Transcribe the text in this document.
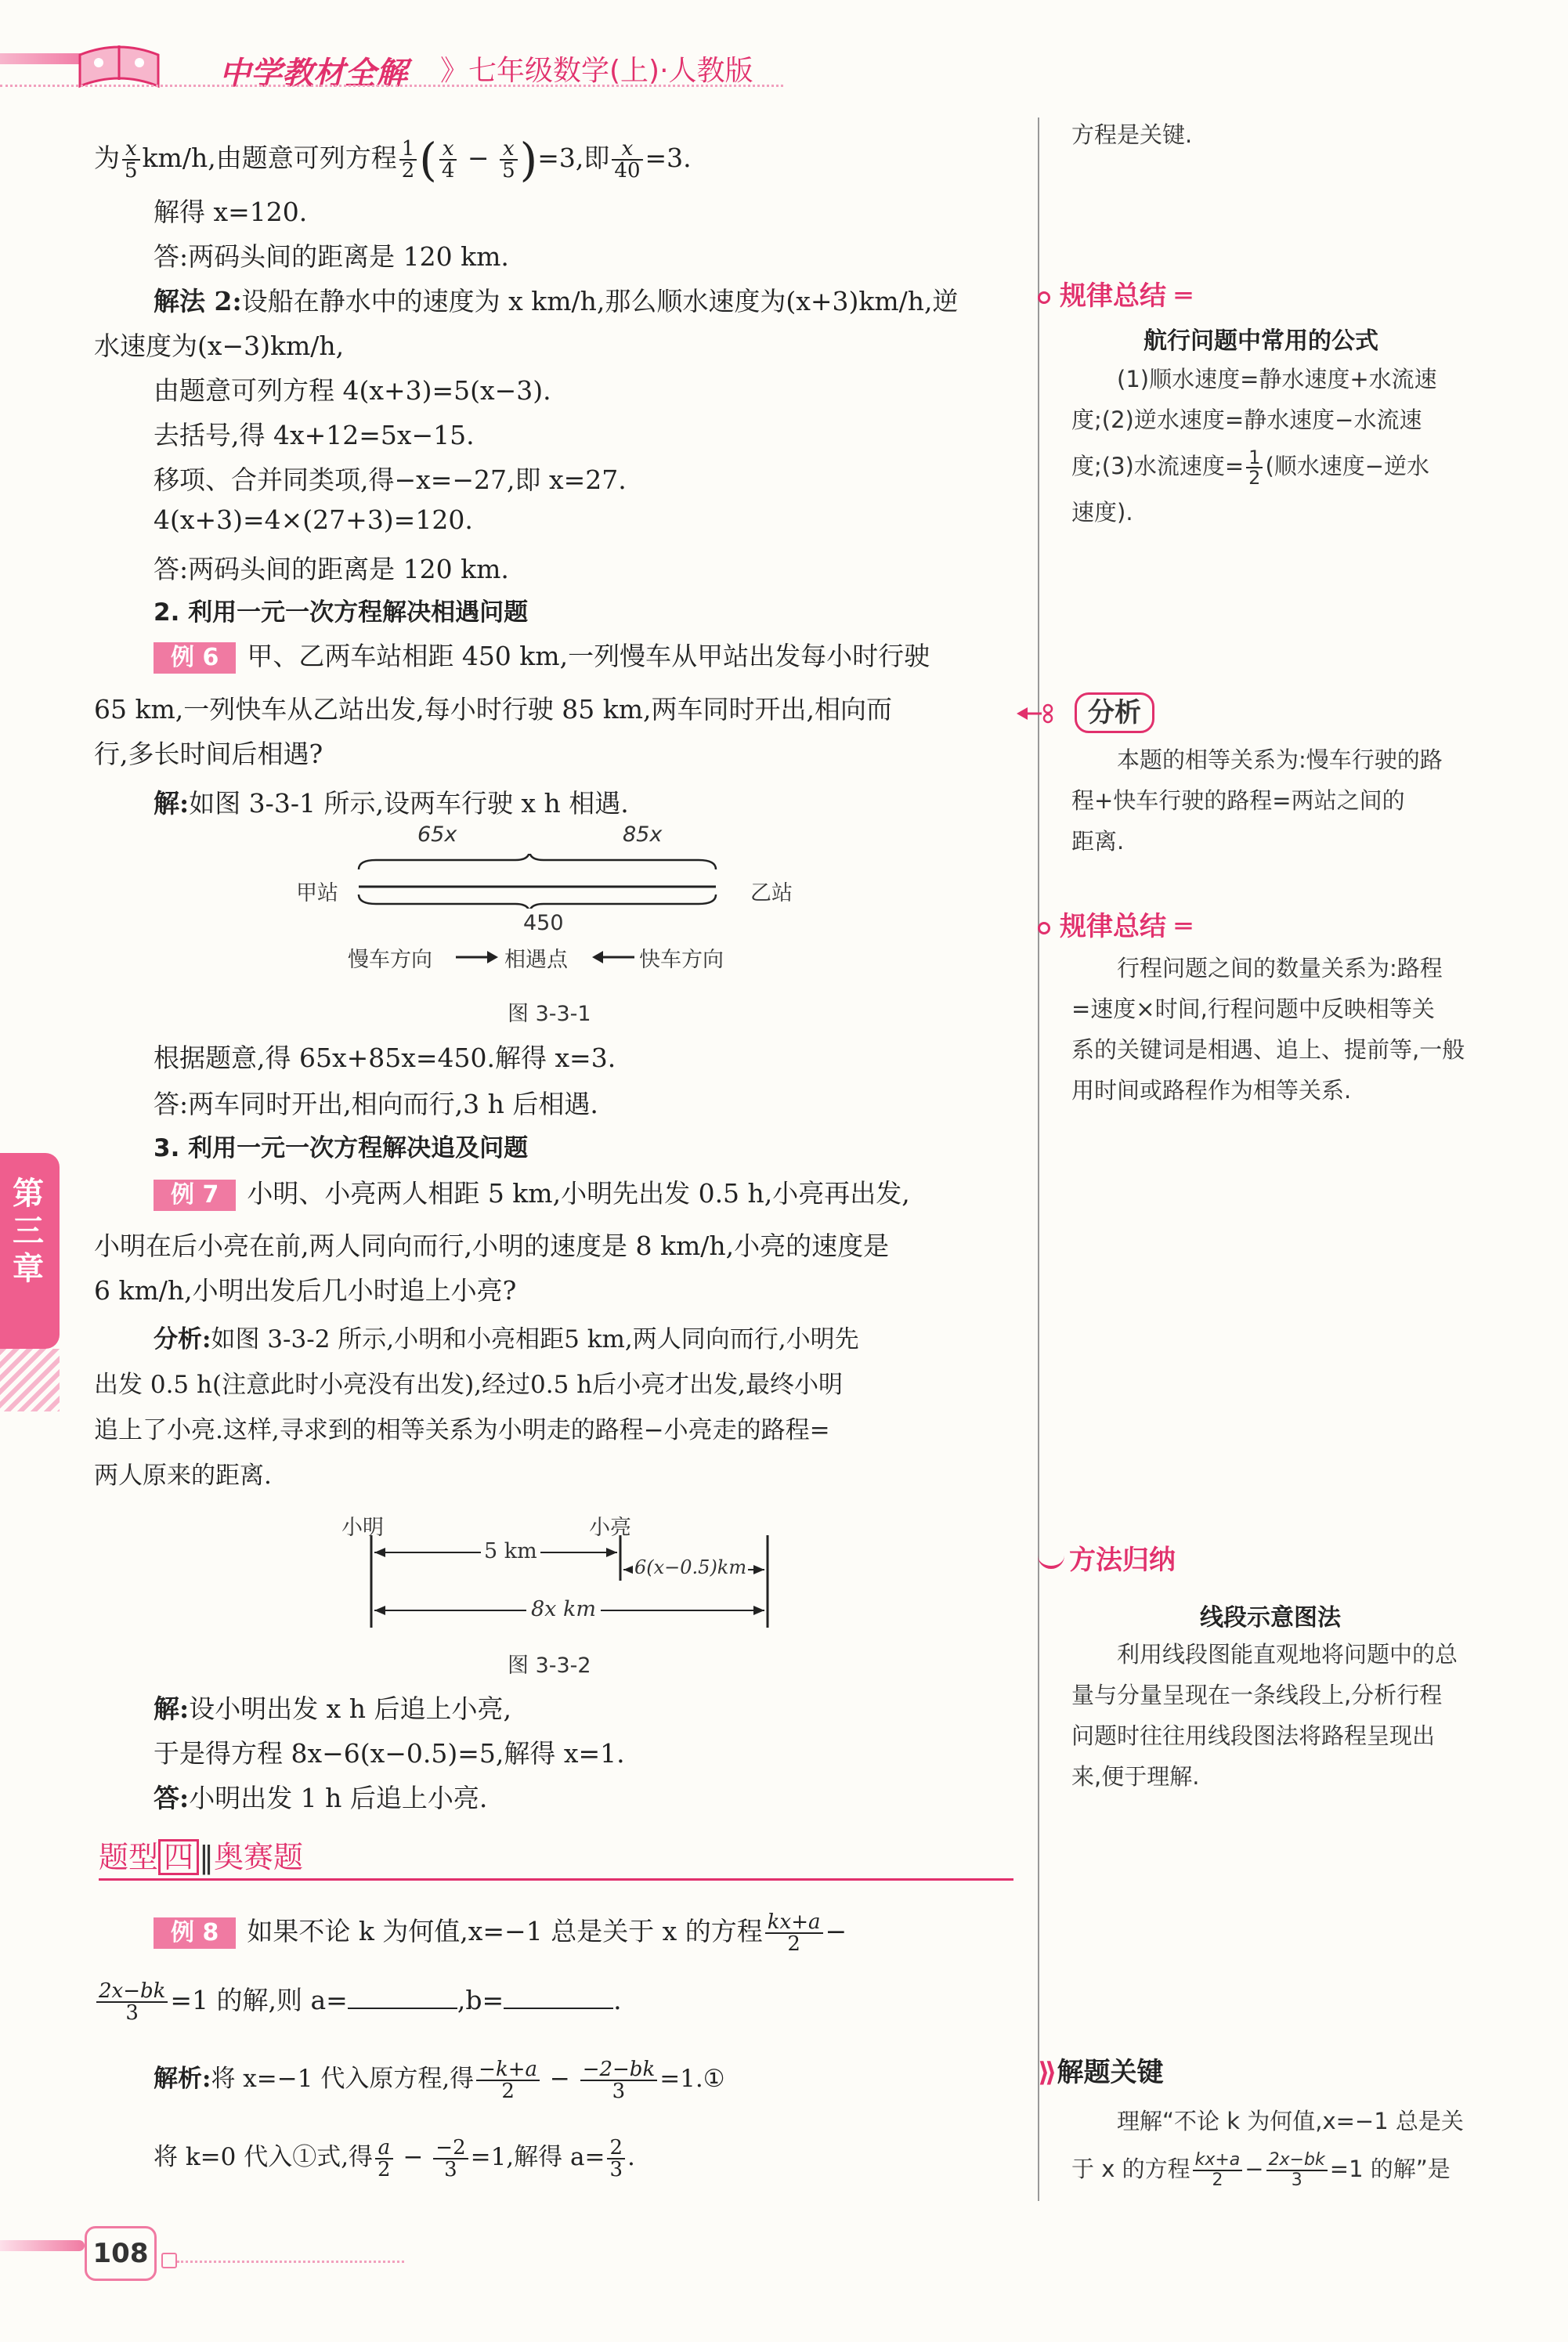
中学教材全解 》七年级数学(上)·人教版
为 $\frac{x}{5} km/h$,由题意可列方程 $\frac{1}{2}$ ( $\frac{x}{4} - \frac{x}{5} )=3$,即 $\frac{x}{40} =3$.
解得 x=120.
答:两码头间的距离是 120 km.
解法 2:设船在静水中的速度为 x km/h,那么顺水速度为(x+3)km/h,逆
水速度为(x−3)km/h,
由题意可列方程 4(x+3)=5(x−3).
去括号,得 4x+12=5x−15.
移项、合并同类项,得−x=−27,即 x=27.
4(x+3)=4×(27+3)=120.
答:两码头间的距离是 120 km.
2. 利用一元一次方程解决相遇问题
例 6 甲、乙两车站相距 450 km,一列慢车从甲站出发每小时行驶
65 km,一列快车从乙站出发,每小时行驶 85 km,两车同时开出,相向而
行,多长时间后相遇?
解:如图 3-3-1 所示,设两车行驶 x h 相遇.
65x	85x
甲站	乙站
450
慢车方向	相遇点	快车方向
图 3-3-1
根据题意,得 65x+85x=450.解得 x=3.
答:两车同时开出,相向而行,3 h 后相遇.
3. 利用一元一次方程解决追及问题
例 7 小明、小亮两人相距 5 km,小明先出发 0.5 h,小亮再出发,
小明在后小亮在前,两人同向而行,小明的速度是 8 km/h,小亮的速度是
6 km/h,小明出发后几小时追上小亮?
分析:如图 3-3-2 所示,小明和小亮相距5 km,两人同向而行,小明先
出发 0.5 h(注意此时小亮没有出发),经过0.5 h后小亮才出发,最终小明
追上了小亮.这样,寻求到的相等关系为小明走的路程−小亮走的路程=
两人原来的距离.
小明	小亮
5 km
6(x−0.5)km
8x km
图 3-3-2
解:设小明出发 x h 后追上小亮,
于是得方程 8x−6(x−0.5)=5,解得 x=1.
答:小明出发 1 h 后追上小亮.
题型 四 ‖奥赛题
例 8 如果不论 k 为何值,x=−1 总是关于 x 的方程 $\frac{kx+a}{2}$ −
$\frac{2x-bk}{3} =1$ 的解,则 a=	,b=	.
解析:将 x=−1 代入原方程,得 $\frac{-k+a}{2} - \frac{-2-bk}{3}$ =1.①
将 k=0 代入①式,得 $\frac{a}{2} - \frac{-2}{3} =1$,解得 $a= \frac{2}{3}$ .
方程是关键.
规律总结 ═
航行问题中常用的公式
(1)顺水速度=静水速度+水流速
度;(2)逆水速度=静水速度−水流速
度;(3)水流速度= $\frac{1}{2}$ (顺水速度−逆水
速度).
分析
本题的相等关系为:慢车行驶的路
程+快车行驶的路程=两站之间的
距离.
规律总结 ═
行程问题之间的数量关系为:路程
=速度×时间,行程问题中反映相等关
系的关键词是相遇、追上、提前等,一般
用时间或路程作为相等关系.
方法归纳
线段示意图法
利用线段图能直观地将问题中的总
量与分量呈现在一条线段上,分析行程
问题时往往用线段图法将路程呈现出
来,便于理解.
⟫解题关键
理解“不论 k 为何值,x=−1 总是关
于 x 的方程 $\frac{kx+a}{2} - \frac{2x-bk}{3} =1$ 的解”是
第三章
108
